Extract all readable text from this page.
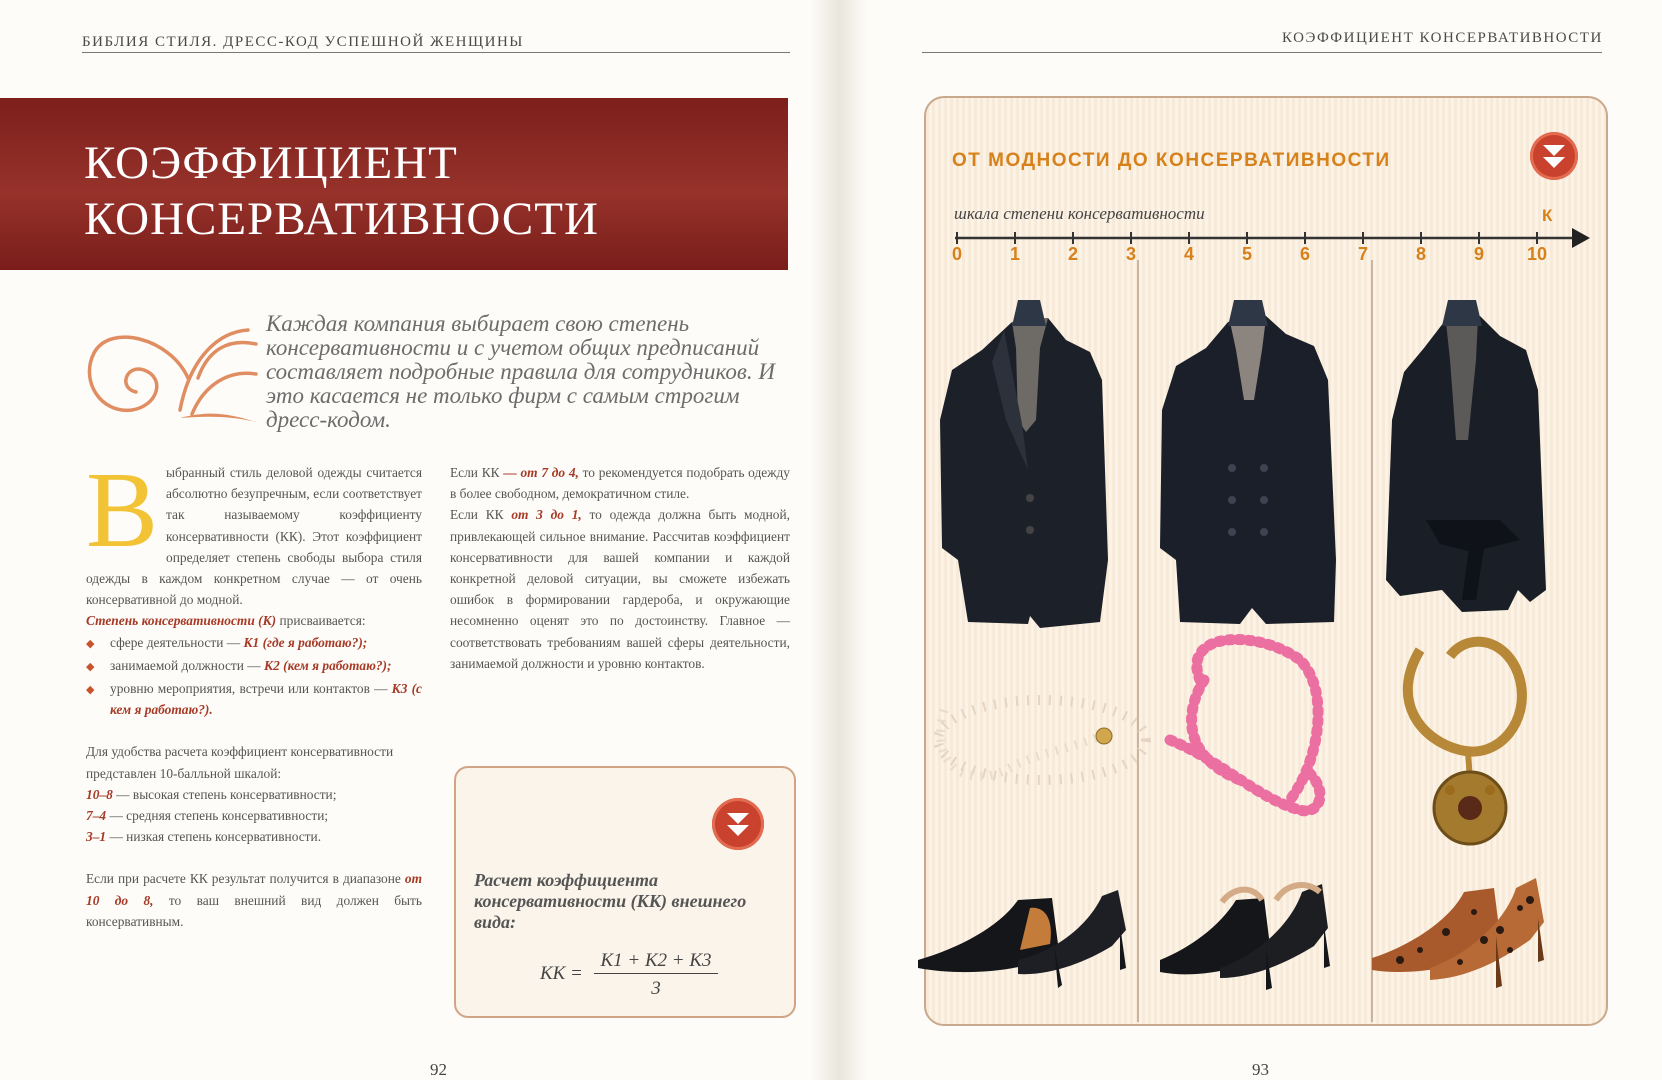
БИБЛИЯ СТИЛЯ. ДРЕСС-КОД УСПЕШНОЙ ЖЕНЩИНЫ
КОЭФФИЦИЕНТ
КОНСЕРВАТИВНОСТИ
Каждая компания выбирает свою степень консервативности и с учетом общих предписаний составляет подробные правила для сотрудников. И это касается не только фирм с самым строгим дресс-кодом.
В ыбранный стиль деловой одежды считается абсолютно безупречным, если соответствует так называемому коэффициенту консервативности (КК). Этот коэффициент определяет степень свободы выбора стиля одежды в каждом конкретном случае — от очень консервативной до модной.

Степень консервативности (К) присваивается:

◆	сфере деятельности — К1 (где я работаю?);
◆	занимаемой должности — К2 (кем я работаю?);
◆	уровню мероприятия, встречи или контактов — К3 (с кем я работаю?).

Для удобства расчета коэффициент консервативности представлен 10-балльной шкалой:

10–8 — высокая степень консервативности;

7–4 — средняя степень консервативности;

3–1 — низкая степень консервативности.

Если при расчете КК результат получится в диапазоне от 10 до 8, то ваш внешний вид должен быть консервативным.

Если КК — от 7 до 4, то рекомендуется подобрать одежду в более свободном, демократичном стиле.

Если КК от 3 до 1, то одежда должна быть модной, привлекающей сильное внимание. Рассчитав коэффициент консервативности для вашей компании и каждой конкретной деловой ситуации, вы сможете избежать ошибок в формировании гардероба, и окружающие несомненно оценят это по достоинству. Главное — соответствовать требованиям вашей сферы деятельности, занимаемой должности и уровню контактов.

Расчет коэффициента консервативности (КК) внешнего вида:
КК =
К1 + К2 + К3
3
92
КОЭФФИЦИЕНТ КОНСЕРВАТИВНОСТИ
ОТ МОДНОСТИ ДО КОНСЕРВАТИВНОСТИ
шкала степени консервативности	К
0	1	2	3	4	5	6	7	8	9	10
93
